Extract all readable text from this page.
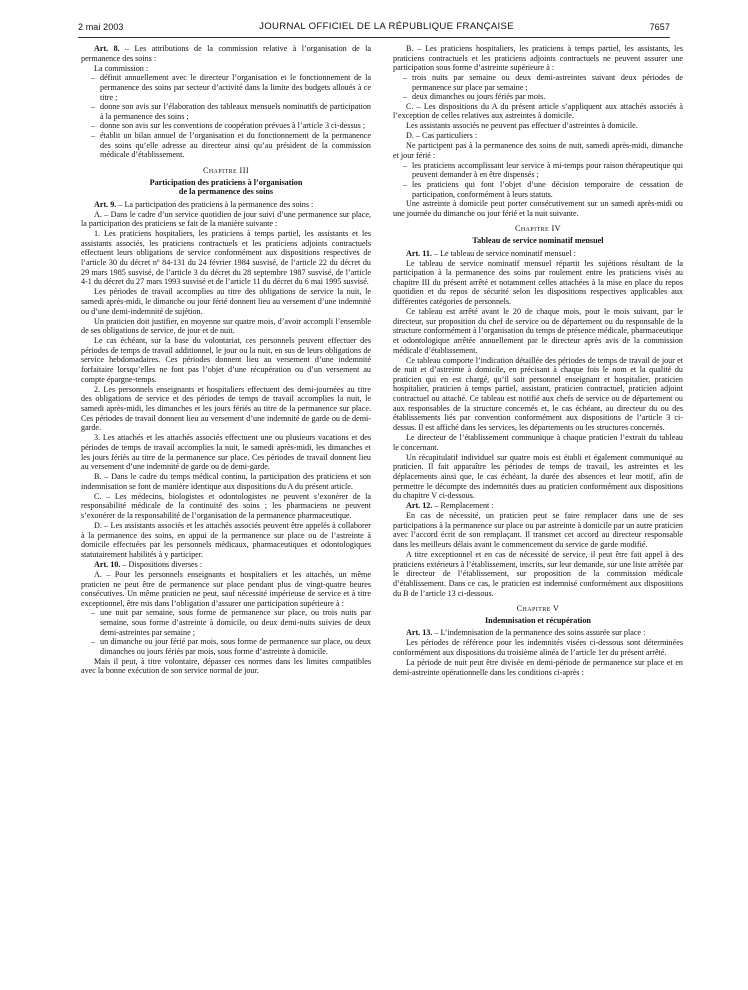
2 mai 2003	JOURNAL OFFICIEL DE LA RÉPUBLIQUE FRANÇAISE	7657

Art. 8. – Les attributions de la commission relative à l’organisation de la permanence des soins :

La commission :

– définit annuellement avec le directeur l’organisation et le fonctionnement de la permanence des soins par secteur d’activité dans la limite des budgets alloués à ce titre ;
– donne son avis sur l’élaboration des tableaux mensuels nominatifs de participation à la permanence des soins ;
– donne son avis sur les conventions de coopération prévues à l’article 3 ci-dessus ;
– établit un bilan annuel de l’organisation et du fonctionnement de la permanence des soins qu’elle adresse au directeur ainsi qu’au président de la commission médicale d’établissement.
Chapitre III
Participation des praticiens à l’organisation
de la permanence des soins

Art. 9. – La participation des praticiens à la permanence des soins :

A. – Dans le cadre d’un service quotidien de jour suivi d’une permanence sur place, la participation des praticiens se fait de la manière suivante :

1. Les praticiens hospitaliers, les praticiens à temps partiel, les assistants et les assistants associés, les praticiens contractuels et les praticiens adjoints contractuels effectuent leurs obligations de service conformément aux dispositions respectives de l’article 30 du décret nº 84-131 du 24 février 1984 susvisé, de l’article 22 du décret du 29 mars 1985 susvisé, de l’article 3 du décret du 28 septembre 1987 susvisé, de l’article 4-1 du décret du 27 mars 1993 susvisé et de l’article 11 du décret du 6 mai 1995 susvisé.

Les périodes de travail accomplies au titre des obligations de service la nuit, le samedi après-midi, le dimanche ou jour férié donnent lieu au versement d’une indemnité ou d’une demi-indemnité de sujétion.

Un praticien doit justifier, en moyenne sur quatre mois, d’avoir accompli l’ensemble de ses obligations de service, de jour et de nuit.

Le cas échéant, sur la base du volontariat, ces personnels peuvent effectuer des périodes de temps de travail additionnel, le jour ou la nuit, en sus de leurs obligations de service hebdomadaires. Ces périodes donnent lieu au versement d’une indemnité forfaitaire lorsqu’elles ne font pas l’objet d’une récupération ou d’un versement au compte épargne-temps.

2. Les personnels enseignants et hospitaliers effectuent des demi-journées au titre des obligations de service et des périodes de temps de travail accomplies la nuit, le samedi après-midi, les dimanches et les jours fériés au titre de la permanence sur place. Ces périodes de travail donnent lieu au versement d’une indemnité de garde ou de demi-garde.

3. Les attachés et les attachés associés effectuent une ou plusieurs vacations et des périodes de temps de travail accomplies la nuit, le samedi après-midi, les dimanches et les jours fériés au titre de la permanence sur place. Ces périodes de travail donnent lieu au versement d’une indemnité de garde ou de demi-garde.

B. – Dans le cadre du temps médical continu, la participation des praticiens et son indemnisation se font de manière identique aux dispositions du A du présent article.

C. – Les médecins, biologistes et odontologistes ne peuvent s’exonérer de la responsabilité médicale de la continuité des soins ; les pharmaciens ne peuvent s’exonérer de la responsabilité de l’organisation de la permanence pharmaceutique.

D. – Les assistants associés et les attachés associés peuvent être appelés à collaborer à la permanence des soins, en appui de la permanence sur place ou de l’astreinte à domicile effectuées par les personnels médicaux, pharmaceutiques et odontologiques statutairement habilités à y participer.

Art. 10. – Dispositions diverses :

A. – Pour les personnels enseignants et hospitaliers et les attachés, un même praticien ne peut être de permanence sur place pendant plus de vingt-quatre heures consécutives. Un même praticien ne peut, sauf nécessité impérieuse de service et à titre exceptionnel, être mis dans l’obligation d’assurer une participation supérieure à :

– une nuit par semaine, sous forme de permanence sur place, ou trois nuits par semaine, sous forme d’astreinte à domicile, ou deux demi-nuits suivies de deux demi-astreintes par semaine ;
– un dimanche ou jour férié par mois, sous forme de permanence sur place, ou deux dimanches ou jours fériés par mois, sous forme d’astreinte à domicile.

Mais il peut, à titre volontaire, dépasser ces normes dans les limites compatibles avec la bonne exécution de son service normal de jour.

B. – Les praticiens hospitaliers, les praticiens à temps partiel, les assistants, les praticiens contractuels et les praticiens adjoints contractuels ne peuvent assurer une participation sous forme d’astreinte supérieure à :

– trois nuits par semaine ou deux demi-astreintes suivant deux périodes de permanence sur place par semaine ;
– deux dimanches ou jours fériés par mois.

C. – Les dispositions du A du présent article s’appliquent aux attachés associés à l’exception de celles relatives aux astreintes à domicile.

Les assistants associés ne peuvent pas effectuer d’astreintes à domicile.

D. – Cas particuliers :

Ne participent pas à la permanence des soins de nuit, samedi après-midi, dimanche et jour férié :

– les praticiens accomplissant leur service à mi-temps pour raison thérapeutique qui peuvent demander à en être dispensés ;
– les praticiens qui font l’objet d’une décision temporaire de cessation de participation, conformément à leurs statuts.

Une astreinte à domicile peut porter consécutivement sur un samedi après-midi ou une journée du dimanche ou jour férié et la nuit suivante.

Chapitre IV
Tableau de service nominatif mensuel

Art. 11. – Le tableau de service nominatif mensuel :

Le tableau de service nominatif mensuel répartit les sujétions résultant de la participation à la permanence des soins par roulement entre les praticiens visés au chapitre III du présent arrêté et notamment celles attachées à la mise en place du repos quotidien et du repos de sécurité selon les dispositions respectives applicables aux différentes catégories de personnels.

Ce tableau est arrêté avant le 20 de chaque mois, pour le mois suivant, par le directeur, sur proposition du chef de service ou de département ou du responsable de la structure conformément à l’organisation du temps de présence médicale, pharmaceutique et odontologique arrêtée annuellement par le directeur après avis de la commission médicale d’établissement.

Ce tableau comporte l’indication détaillée des périodes de temps de travail de jour et de nuit et d’astreinte à domicile, en précisant à chaque fois le nom et la qualité du praticien qui en est chargé, qu’il soit personnel enseignant et hospitalier, praticien hospitalier, praticien à temps partiel, assistant, praticien contractuel, praticien adjoint contractuel ou attaché. Ce tableau est notifié aux chefs de service ou de département ou aux responsables de la structure concernés et, le cas échéant, au directeur du ou des établissements liés par convention conformément aux dispositions de l’article 3 ci-dessus. Il est affiché dans les services, les départements ou les structures concernés.

Le directeur de l’établissement communique à chaque praticien l’extrait du tableau le concernant.

Un récapitulatif individuel sur quatre mois est établi et également communiqué au praticien. Il fait apparaître les périodes de temps de travail, les astreintes et les déplacements ainsi que, le cas échéant, la durée des absences et leur motif, afin de permettre le décompte des indemnités dues au praticien conformément aux dispositions du chapitre V ci-dessous.

Art. 12. – Remplacement :

En cas de nécessité, un praticien peut se faire remplacer dans une de ses participations à la permanence sur place ou par astreinte à domicile par un autre praticien avec l’accord écrit de son remplaçant. Il transmet cet accord au directeur responsable dans les meilleurs délais avant le commencement du service de garde modifié.

A titre exceptionnel et en cas de nécessité de service, il peut être fait appel à des praticiens extérieurs à l’établissement, inscrits, sur leur demande, sur une liste arrêtée par le directeur de l’établissement, sur proposition de la commission médicale d’établissement. Dans ce cas, le praticien est indemnisé conformément aux dispositions du B de l’article 13 ci-dessous.

Chapitre V
Indemnisation et récupération

Art. 13. – L’indemnisation de la permanence des soins assurée sur place :

Les périodes de référence pour les indemnités visées ci-dessous sont déterminées conformément aux dispositions du troisième alinéa de l’article 1er du présent arrêté.

La période de nuit peut être divisée en demi-période de permanence sur place et en demi-astreinte opérationnelle dans les conditions ci-après :
